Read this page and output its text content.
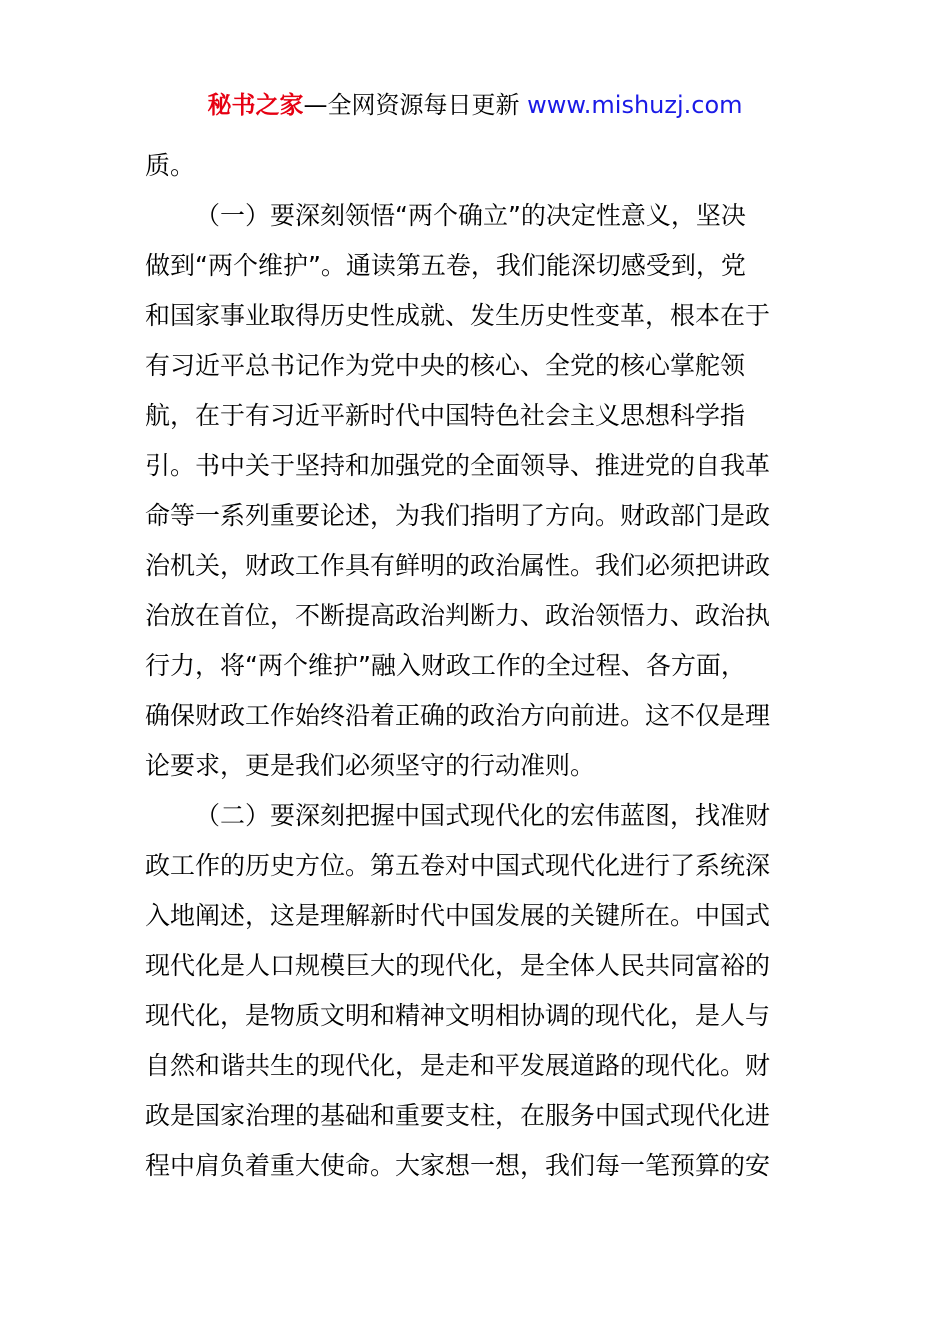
秘书之家—全网资源每日更新 www.mishuzj.com
质。
（一）要深刻领悟“两个确立”的决定性意义，坚决
做到“两个维护”。通读第五卷，我们能深切感受到，党
和国家事业取得历史性成就、发生历史性变革，根本在于
有习近平总书记作为党中央的核心、全党的核心掌舵领
航，在于有习近平新时代中国特色社会主义思想科学指
引。书中关于坚持和加强党的全面领导、推进党的自我革
命等一系列重要论述，为我们指明了方向。财政部门是政
治机关，财政工作具有鲜明的政治属性。我们必须把讲政
治放在首位，不断提高政治判断力、政治领悟力、政治执
行力，将“两个维护”融入财政工作的全过程、各方面，
确保财政工作始终沿着正确的政治方向前进。这不仅是理
论要求，更是我们必须坚守的行动准则。
（二）要深刻把握中国式现代化的宏伟蓝图，找准财
政工作的历史方位。第五卷对中国式现代化进行了系统深
入地阐述，这是理解新时代中国发展的关键所在。中国式
现代化是人口规模巨大的现代化，是全体人民共同富裕的
现代化，是物质文明和精神文明相协调的现代化，是人与
自然和谐共生的现代化，是走和平发展道路的现代化。财
政是国家治理的基础和重要支柱，在服务中国式现代化进
程中肩负着重大使命。大家想一想，我们每一笔预算的安
